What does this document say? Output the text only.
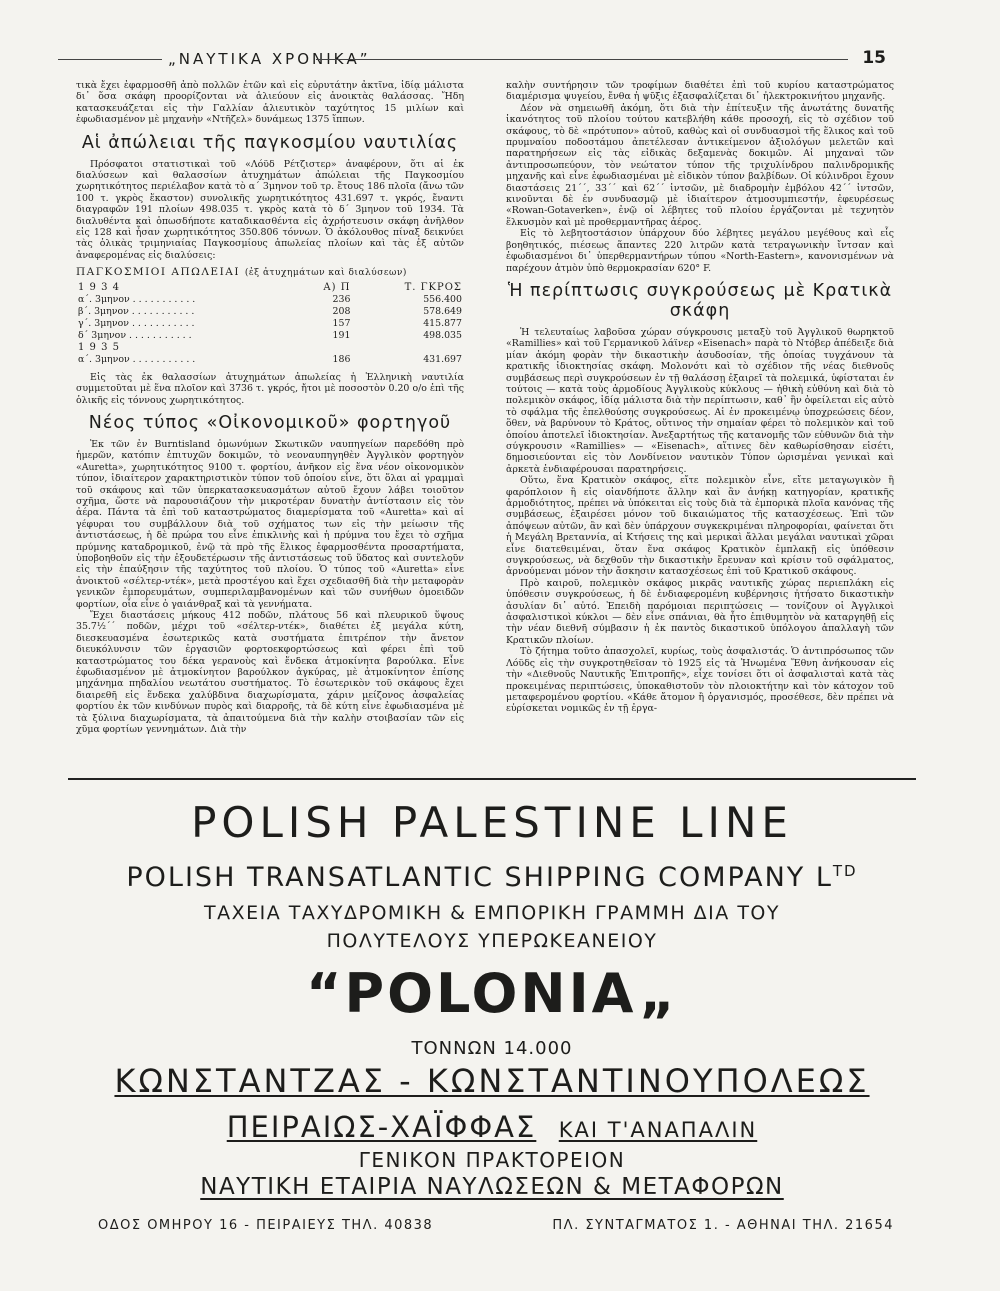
„ΝΑΥΤΙΚΑ ΧΡΟΝΙΚΑ”	15

τικὰ ἔχει ἐφαρμοσθῆ ἀπὸ πολλῶν ἐτῶν καὶ εἰς εὐρυτάτην ἀκτῖνα, ἰδίᾳ μάλιστα δι᾽ ὅσα σκάφη προορίζονται νὰ ἁλιεύουν εἰς ἀνοικτὰς θαλάσσας. Ἤδη κατασκευάζεται εἰς τὴν Γαλλίαν ἁλιευτικὸν ταχύτητος 15 μιλίων καὶ ἐφωδιασμένον μὲ μηχανὴν «Ντῆζελ» δυνάμεως 1375 ἵππων.

Αἱ ἀπώλειαι τῆς παγκοσμίου ναυτιλίας

Πρόσφατοι στατιστικαὶ τοῦ «Λόϋδ Ρέτζιστερ» ἀναφέρουν, ὅτι αἱ ἐκ διαλύσεων καὶ θαλασσίων ἀτυχημάτων ἀπώλειαι τῆς Παγκοσμίου χωρητικότητος περιέλαβον κατὰ τὸ α΄ 3μηνον τοῦ τρ. ἔτους 186 πλοῖα (ἄνω τῶν 100 τ. γκρὸς ἕκαστον) συνολικῆς χωρητικότητος 431.697 τ. γκρός, ἔναντι διαγραφῶν 191 πλοίων 498.035 τ. γκρὸς κατὰ τὸ δ΄ 3μηνον τοῦ 1934. Τὰ διαλυθέντα καὶ ὁπωσδήποτε καταδικασθέντα εἰς ἀχρήστευσιν σκάφη ἀνῆλθον εἰς 128 καὶ ἦσαν χωρητικότητος 350.806 τόννων. Ὁ ἀκόλουθος πίναξ δεικνύει τὰς ὁλικὰς τριμηνιαίας Παγκοσμίους ἀπωλείας πλοίων καὶ τὰς ἐξ αὐτῶν ἀναφερομένας εἰς διαλύσεις:

ΠΑΓΚΟΣΜΙΟΙ ΑΠΩΛΕΙΑΙ (ἐξ ἀτυχημάτων καὶ διαλύσεων)
1 9 3 4	Α) Π	Τ. ΓΚΡΟΣ
α΄. 3μηνον . . . . . . . . . . .	236	556.400
β΄. 3μηνον . . . . . . . . . . .	208	578.649
γ΄. 3μηνον . . . . . . . . . . .	157	415.877
δ΄ 3μηνον . . . . . . . . . . .	191	498.035
1 9 3 5		
α΄. 3μηνον . . . . . . . . . . .	186	431.697

Εἰς τὰς ἐκ θαλασσίων ἀτυχημάτων ἀπωλείας ἡ Ἑλληνικὴ ναυτιλία συμμετοῦται μὲ ἕνα πλοῖον καὶ 3736 τ. γκρός, ἤτοι μὲ ποσοστὸν 0.20 ο/ο ἐπὶ τῆς ὁλικῆς εἰς τόννους χωρητικότητος.

Νέος τύπος «Οἰκονομικοῦ» φορτηγοῦ

Ἐκ τῶν ἐν Burntisland ὁμωνύμων Σκωτικῶν ναυπηγείων παρεδόθη πρὸ ἡμερῶν, κατόπιν ἐπιτυχῶν δοκιμῶν, τὸ νεοναυπηγηθὲν Ἀγγλικὸν φορτηγὸν «Auretta», χωρητικότητος 9100 τ. φορτίου, ἀνῆκον εἰς ἕνα νέον οἰκονομικὸν τύπον, ἰδιαίτερον χαρακτηριστικὸν τύπον τοῦ ὁποίου εἶνε, ὅτι ὅλαι αἱ γραμμαὶ τοῦ σκάφους καὶ τῶν ὑπερκατασκευασμάτων αὐτοῦ ἔχουν λάβει τοιοῦτον σχῆμα, ὥστε νὰ παρουσιάζουν τὴν μικροτέραν δυνατὴν ἀντίστασιν εἰς τὸν ἀέρα. Πάντα τὰ ἐπὶ τοῦ καταστρώματος διαμερίσματα τοῦ «Auretta» καὶ αἱ γέφυραι του συμβάλλουν διὰ τοῦ σχήματος των εἰς τὴν μείωσιν τῆς ἀντιστάσεως, ἡ δὲ πρώρα του εἶνε ἐπικλινὴς καὶ ἡ πρύμνα του ἔχει τὸ σχῆμα πρύμνης καταδρομικοῦ, ἐνῷ τὰ πρὸ τῆς ἕλικος ἐφαρμοσθέντα προσαρτήματα, ὑποβοηθοῦν εἰς τὴν ἐξουδετέρωσιν τῆς ἀντιστάσεως τοῦ ὕδατος καὶ συντελοῦν εἰς τὴν ἐπαύξησιν τῆς ταχύτητος τοῦ πλοίου. Ὁ τύπος τοῦ «Auretta» εἶνε ἀνοικτοῦ «σέλτερ-ντέκ», μετὰ προστέγου καὶ ἔχει σχεδιασθῆ διὰ τὴν μεταφορὰν γενικῶν ἐμπορευμάτων, συμπεριλαμβανομένων καὶ τῶν συνήθων ὁμοειδῶν φορτίων, οἷα εἶνε ὁ γαιάνθραξ καὶ τὰ γεννήματα.

Ἔχει διαστάσεις μήκους 412 ποδῶν, πλάτους 56 καὶ πλευρικοῦ ὕψους 35.7½΄΄ ποδῶν, μέχρι τοῦ «σέλτερ-ντέκ», διαθέτει ἐξ μεγάλα κύτη, διεσκευασμένα ἐσωτερικῶς κατὰ συστήματα ἐπιτρέπον τὴν ἄνετον διευκόλυνσιν τῶν ἐργασιῶν φορτοεκφορτώσεως καὶ φέρει ἐπὶ τοῦ καταστρώματος του δέκα γερανοὺς καὶ ἕνδεκα ἀτμοκίνητα βαρούλκα. Εἶνε ἐφωδιασμένον μὲ ἀτμοκίνητον βαρούλκον ἀγκύρας, μὲ ἀτμοκίνητον ἐπίσης μηχάνημα πηδαλίου νεωτάτου συστήματος. Τὸ ἐσωτερικὸν τοῦ σκάφους ἔχει διαιρεθῆ εἰς ἕνδεκα χαλύβδινα διαχωρίσματα, χάριν μείζονος ἀσφαλείας φορτίου ἐκ τῶν κινδύνων πυρὸς καὶ διαρροῆς, τὰ δὲ κύτη εἶνε ἐφωδιασμένα μὲ τὰ ξύλινα διαχωρίσματα, τὰ ἀπαιτούμενα διὰ τὴν καλὴν στοιβασίαν τῶν εἰς χῦμα φορτίων γεννημάτων. Διὰ τὴν

καλὴν συντήρησιν τῶν τροφίμων διαθέτει ἐπὶ τοῦ κυρίου καταστρώματος διαμέρισμα ψυγείου, ἔνθα ἡ ψῦξις ἐξασφαλίζεται δι᾽ ἠλεκτροκινήτου μηχανῆς.

Δέον νὰ σημειωθῆ ἀκόμη, ὅτι διὰ τὴν ἐπίτευξιν τῆς ἀνωτάτης δυνατῆς ἱκανότητος τοῦ πλοίου τούτου κατεβλήθη κάθε προσοχή, εἰς τὸ σχέδιον τοῦ σκάφους, τὸ δὲ «πρότυπον» αὐτοῦ, καθὼς καὶ οἱ συνδυασμοὶ τῆς ἕλικος καὶ τοῦ πρυμναίου ποδοστάμου ἀπετέλεσαν ἀντικείμενον ἀξιολόγων μελετῶν καὶ παρατηρήσεων εἰς τὰς εἰδικὰς δεξαμενὰς δοκιμῶν. Αἱ μηχαναὶ τῶν ἀντιπροσωπεύουν, τὸν νεώτατον τύπον τῆς τριχυλίνδρου παλινδρομικῆς μηχανῆς καὶ εἶνε ἐφωδιασμέναι μὲ εἰδικὸν τύπον βαλβίδων. Οἱ κύλινδροι ἔχουν διαστάσεις 21΄΄, 33΄΄ καὶ 62΄΄ ἰντσῶν, μὲ διαδρομὴν ἐμβόλου 42΄΄ ἰντσῶν, κινοῦνται δὲ ἐν συνδυασμῷ μὲ ἰδιαίτερον ἀτμοσυμπιεστήν, ἐφευρέσεως «Rowan-Gotaverken», ἐνῷ οἱ λέβητες τοῦ πλοίου ἐργάζονται μὲ τεχνητὸν ἕλκυσμὸν καὶ μὲ προθερμαντῆρας ἀέρος.

Εἰς τὸ λεβητοστάσιον ὑπάρχουν δύο λέβητες μεγάλου μεγέθους καὶ εἷς βοηθητικός, πιέσεως ἅπαντες 220 λιτρῶν κατὰ τετραγωνικὴν ἴντσαν καὶ ἐφωδιασμένοι δι᾽ ὑπερθερμαντήρων τύπου «North-Eastern», κανονισμένων νὰ παρέχουν ἀτμὸν ὑπὸ θερμοκρασίαν 620° F.

Ἡ περίπτωσις συγκρούσεως μὲ Κρατικὰ σκάφη

Ἡ τελευταίως λαβοῦσα χώραν σύγκρουσις μεταξὺ τοῦ Ἀγγλικοῦ θωρηκτοῦ «Ramillies» καὶ τοῦ Γερμανικοῦ λάϊνερ «Eisenach» παρὰ τὸ Ντόβερ ἀπέδειξε διὰ μίαν ἀκόμη φορὰν τὴν δικαστικὴν ἀσυδοσίαν, τῆς ὁποίας τυγχάνουν τὰ κρατικῆς ἰδιοκτησίας σκάφη. Μολονότι καὶ τὸ σχέδιον τῆς νέας διεθνοῦς συμβάσεως περὶ συγκρούσεων ἐν τῇ θαλάσσῃ ἐξαιρεῖ τὰ πολεμικά, ὑφίσταται ἐν τούτοις — κατὰ τοὺς ἁρμοδίους Ἀγγλικοὺς κύκλους — ἠθικὴ εὐθύνη καὶ διὰ τὸ πολεμικὸν σκάφος, ἰδίᾳ μάλιστα διὰ τὴν περίπτωσιν, καθ᾽ ἣν ὀφείλεται εἰς αὐτὸ τὸ σφάλμα τῆς ἐπελθούσης συγκρούσεως. Αἱ ἐν προκειμένῳ ὑποχρεώσεις δέον, ὅθεν, νὰ βαρύνουν τὸ Κράτος, οὕτινος τὴν σημαίαν φέρει τὸ πολεμικὸν καὶ τοῦ ὁποίου ἀποτελεῖ ἰδιοκτησίαν. Ἀνεξαρτήτως τῆς κατανομῆς τῶν εὐθυνῶν διὰ τὴν σύγκρουσιν «Ramillies» — «Eisenach», αἵτινες δὲν καθωρίσθησαν εἰσέτι, δημοσιεύονται εἰς τὸν Λονδίνειον ναυτικὸν Τύπον ὡρισμέναι γενικαὶ καὶ ἀρκετὰ ἐνδιαφέρουσαι παρατηρήσεις.

Οὕτω, ἕνα Κρατικὸν σκάφος, εἴτε πολεμικὸν εἶνε, εἴτε μεταγωγικὸν ἢ φαρόπλοιον ἢ εἰς οἱανδήποτε ἄλλην καὶ ἂν ἀνήκῃ κατηγορίαν, κρατικῆς ἁρμοδιότητος, πρέπει νὰ ὑπόκειται εἰς τοὺς διὰ τὰ ἐμπορικὰ πλοῖα κανόνας τῆς συμβάσεως, ἐξαιρέσει μόνον τοῦ δικαιώματος τῆς κατασχέσεως. Ἐπὶ τῶν ἀπόψεων αὐτῶν, ἂν καὶ δὲν ὑπάρχουν συγκεκριμέναι πληροφορίαι, φαίνεται ὅτι ἡ Μεγάλη Βρεταννία, αἱ Κτήσεις της καὶ μερικαὶ ἄλλαι μεγάλαι ναυτικαὶ χῶραι εἶνε διατεθειμέναι, ὅταν ἕνα σκάφος Κρατικὸν ἐμπλακῇ εἰς ὑπόθεσιν συγκρούσεως, νὰ δεχθοῦν τὴν δικαστικὴν ἔρευναν καὶ κρίσιν τοῦ σφάλματος, ἀρνούμεναι μόνον τὴν ἄσκησιν κατασχέσεως ἐπὶ τοῦ Κρατικοῦ σκάφους.

Πρὸ καιροῦ, πολεμικὸν σκάφος μικρᾶς ναυτικῆς χώρας περιεπλάκη εἰς ὑπόθεσιν συγκρούσεως, ἡ δὲ ἐνδιαφερομένη κυβέρνησις ἠτήσατο δικαστικὴν ἀσυλίαν δι᾽ αὐτό. Ἐπειδὴ παρόμοιαι περιπτώσεις — τονίζουν οἱ Ἀγγλικοὶ ἀσφαλιστικοὶ κύκλοι — δὲν εἶνε σπάνιαι, θὰ ἦτο ἐπιθυμητὸν νὰ καταργηθῇ εἰς τὴν νέαν διεθνῆ σύμβασιν ἡ ἐκ παντὸς δικαστικοῦ ὑπόλογου ἀπαλλαγὴ τῶν Κρατικῶν πλοίων.

Τὸ ζήτημα τοῦτο ἀπασχολεῖ, κυρίως, τοὺς ἀσφαλιστάς. Ὁ ἀντιπρόσωπος τῶν Λόϋδς εἰς τὴν συγκροτηθεῖσαν τὸ 1925 εἰς τὰ Ἡνωμένα Ἔθνη ἀνήκουσαν εἰς τὴν «Διεθνοῦς Ναυτικῆς Ἐπιτροπῆς», εἶχε τονίσει ὅτι οἱ ἀσφαλισταὶ κατὰ τὰς προκειμένας περιπτώσεις, ὑποκαθιστοῦν τὸν πλοιοκτήτην καὶ τὸν κάτοχον τοῦ μεταφερομένου φορτίου. «Κάθε ἄτομον ἢ ὀργανισμός, προσέθεσε, δὲν πρέπει νὰ εὑρίσκεται νομικῶς ἐν τῇ ἐργα-

POLISH PALESTINE LINE
POLISH TRANSATLANTIC SHIPPING COMPANY $L^{TD}$
ΤΑΧΕΙΑ ΤΑΧΥΔΡΟΜΙΚΗ & ΕΜΠΟΡΙΚΗ ΓΡΑΜΜΗ ΔΙΑ ΤΟΥ
ΠΟΛΥΤΕΛΟΥΣ ΥΠΕΡΩΚΕΑΝΕΙΟΥ
“POLONIA„
ΤΟΝΝΩΝ 14.000
ΚΩΝΣΤΑΝΤΖΑΣ - ΚΩΝΣΤΑΝΤΙΝΟΥΠΟΛΕΩΣ
ΠΕΙΡΑΙΩΣ-ΧΑΪΦΦΑΣ ΚΑΙ Τ'ΑΝΑΠΑΛΙΝ
ΓΕΝΙΚΟΝ ΠΡΑΚΤΟΡΕΙΟΝ
ΝΑΥΤΙΚΗ ΕΤΑΙΡΙΑ ΝΑΥΛΩΣΕΩΝ & ΜΕΤΑΦΟΡΩΝ
ΟΔΟΣ ΟΜΗΡΟΥ 16 - ΠΕΙΡΑΙΕΥΣ ΤΗΛ. 40838	ΠΛ. ΣΥΝΤΑΓΜΑΤΟΣ 1. - ΑΘΗΝΑΙ ΤΗΛ. 21654
